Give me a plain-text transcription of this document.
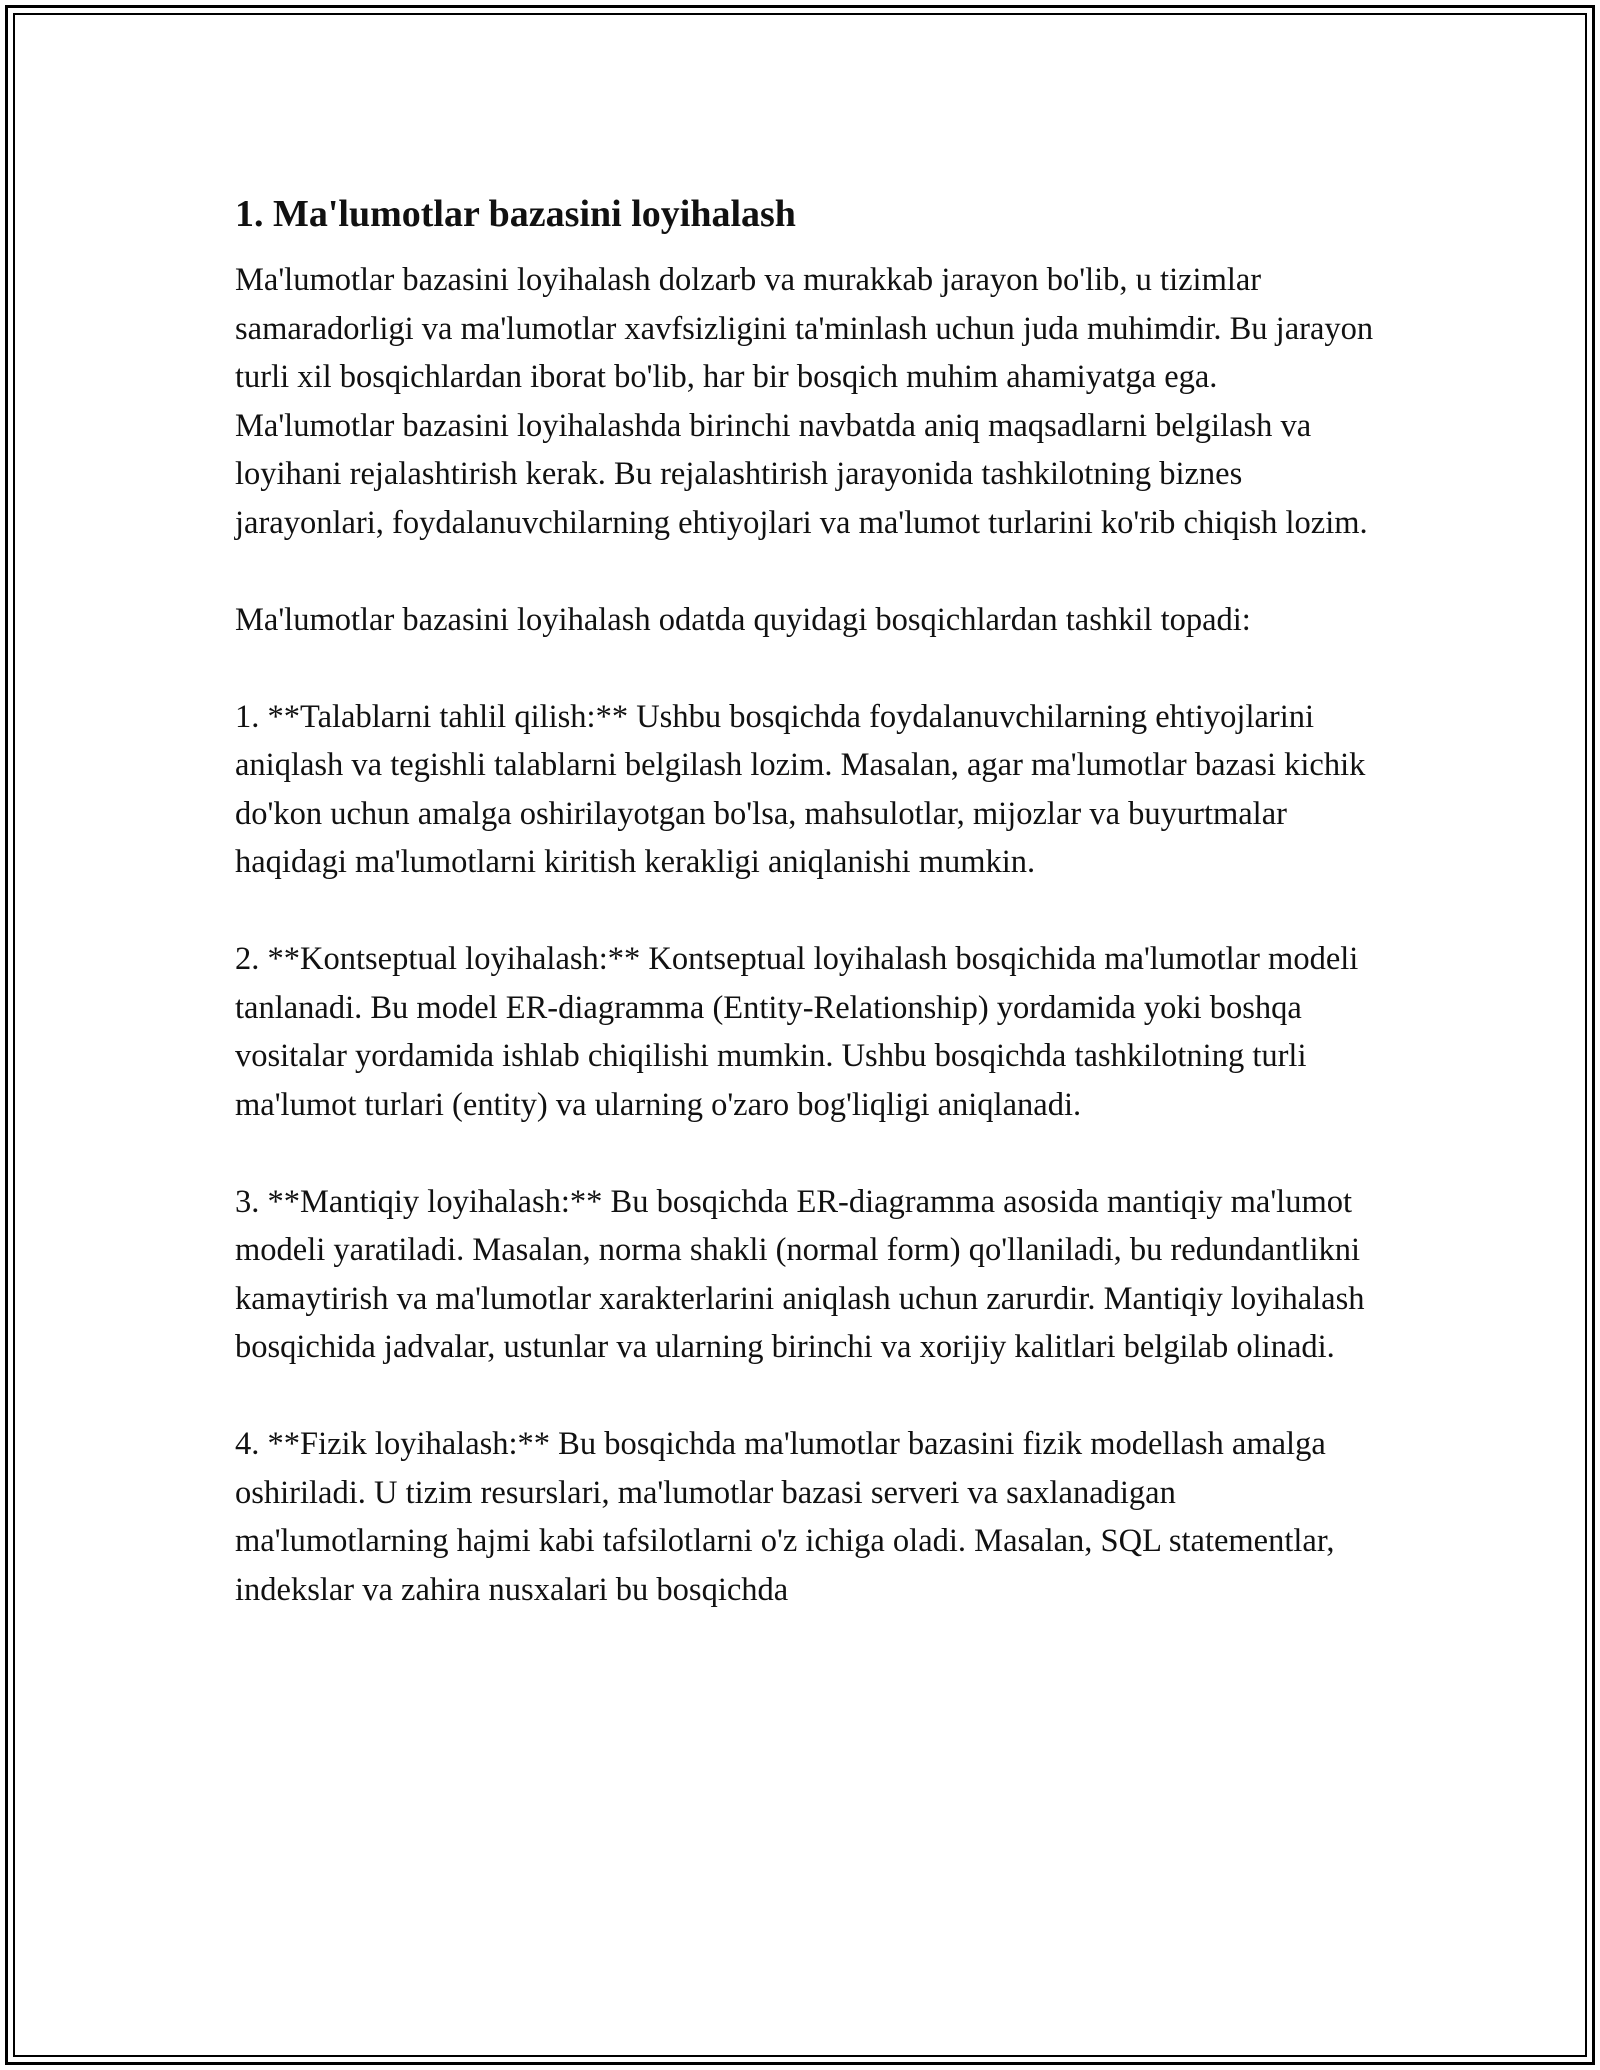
1. Ma'lumotlar bazasini loyihalash

Ma'lumotlar bazasini loyihalash dolzarb va murakkab jarayon bo'lib, u tizimlar samaradorligi va ma'lumotlar xavfsizligini ta'minlash uchun juda muhimdir. Bu jarayon turli xil bosqichlardan iborat bo'lib, har bir bosqich muhim ahamiyatga ega. Ma'lumotlar bazasini loyihalashda birinchi navbatda aniq maqsadlarni belgilash va loyihani rejalashtirish kerak. Bu rejalashtirish jarayonida tashkilotning biznes jarayonlari, foydalanuvchilarning ehtiyojlari va ma'lumot turlarini ko'rib chiqish lozim.

Ma'lumotlar bazasini loyihalash odatda quyidagi bosqichlardan tashkil topadi:

1. **Talablarni tahlil qilish:** Ushbu bosqichda foydalanuvchilarning ehtiyojlarini aniqlash va tegishli talablarni belgilash lozim. Masalan, agar ma'lumotlar bazasi kichik do'kon uchun amalga oshirilayotgan bo'lsa, mahsulotlar, mijozlar va buyurtmalar haqidagi ma'lumotlarni kiritish kerakligi aniqlanishi mumkin.

2. **Kontseptual loyihalash:** Kontseptual loyihalash bosqichida ma'lumotlar modeli tanlanadi. Bu model ER-diagramma (Entity-Relationship) yordamida yoki boshqa vositalar yordamida ishlab chiqilishi mumkin. Ushbu bosqichda tashkilotning turli ma'lumot turlari (entity) va ularning o'zaro bog'liqligi aniqlanadi.

3. **Mantiqiy loyihalash:** Bu bosqichda ER-diagramma asosida mantiqiy ma'lumot modeli yaratiladi. Masalan, norma shakli (normal form) qo'llaniladi, bu redundantlikni kamaytirish va ma'lumotlar xarakterlarini aniqlash uchun zarurdir. Mantiqiy loyihalash bosqichida jadvalar, ustunlar va ularning birinchi va xorijiy kalitlari belgilab olinadi.

4. **Fizik loyihalash:** Bu bosqichda ma'lumotlar bazasini fizik modellash amalga oshiriladi. U tizim resurslari, ma'lumotlar bazasi serveri va saxlanadigan ma'lumotlarning hajmi kabi tafsilotlarni o'z ichiga oladi. Masalan, SQL statementlar, indekslar va zahira nusxalari bu bosqichda
